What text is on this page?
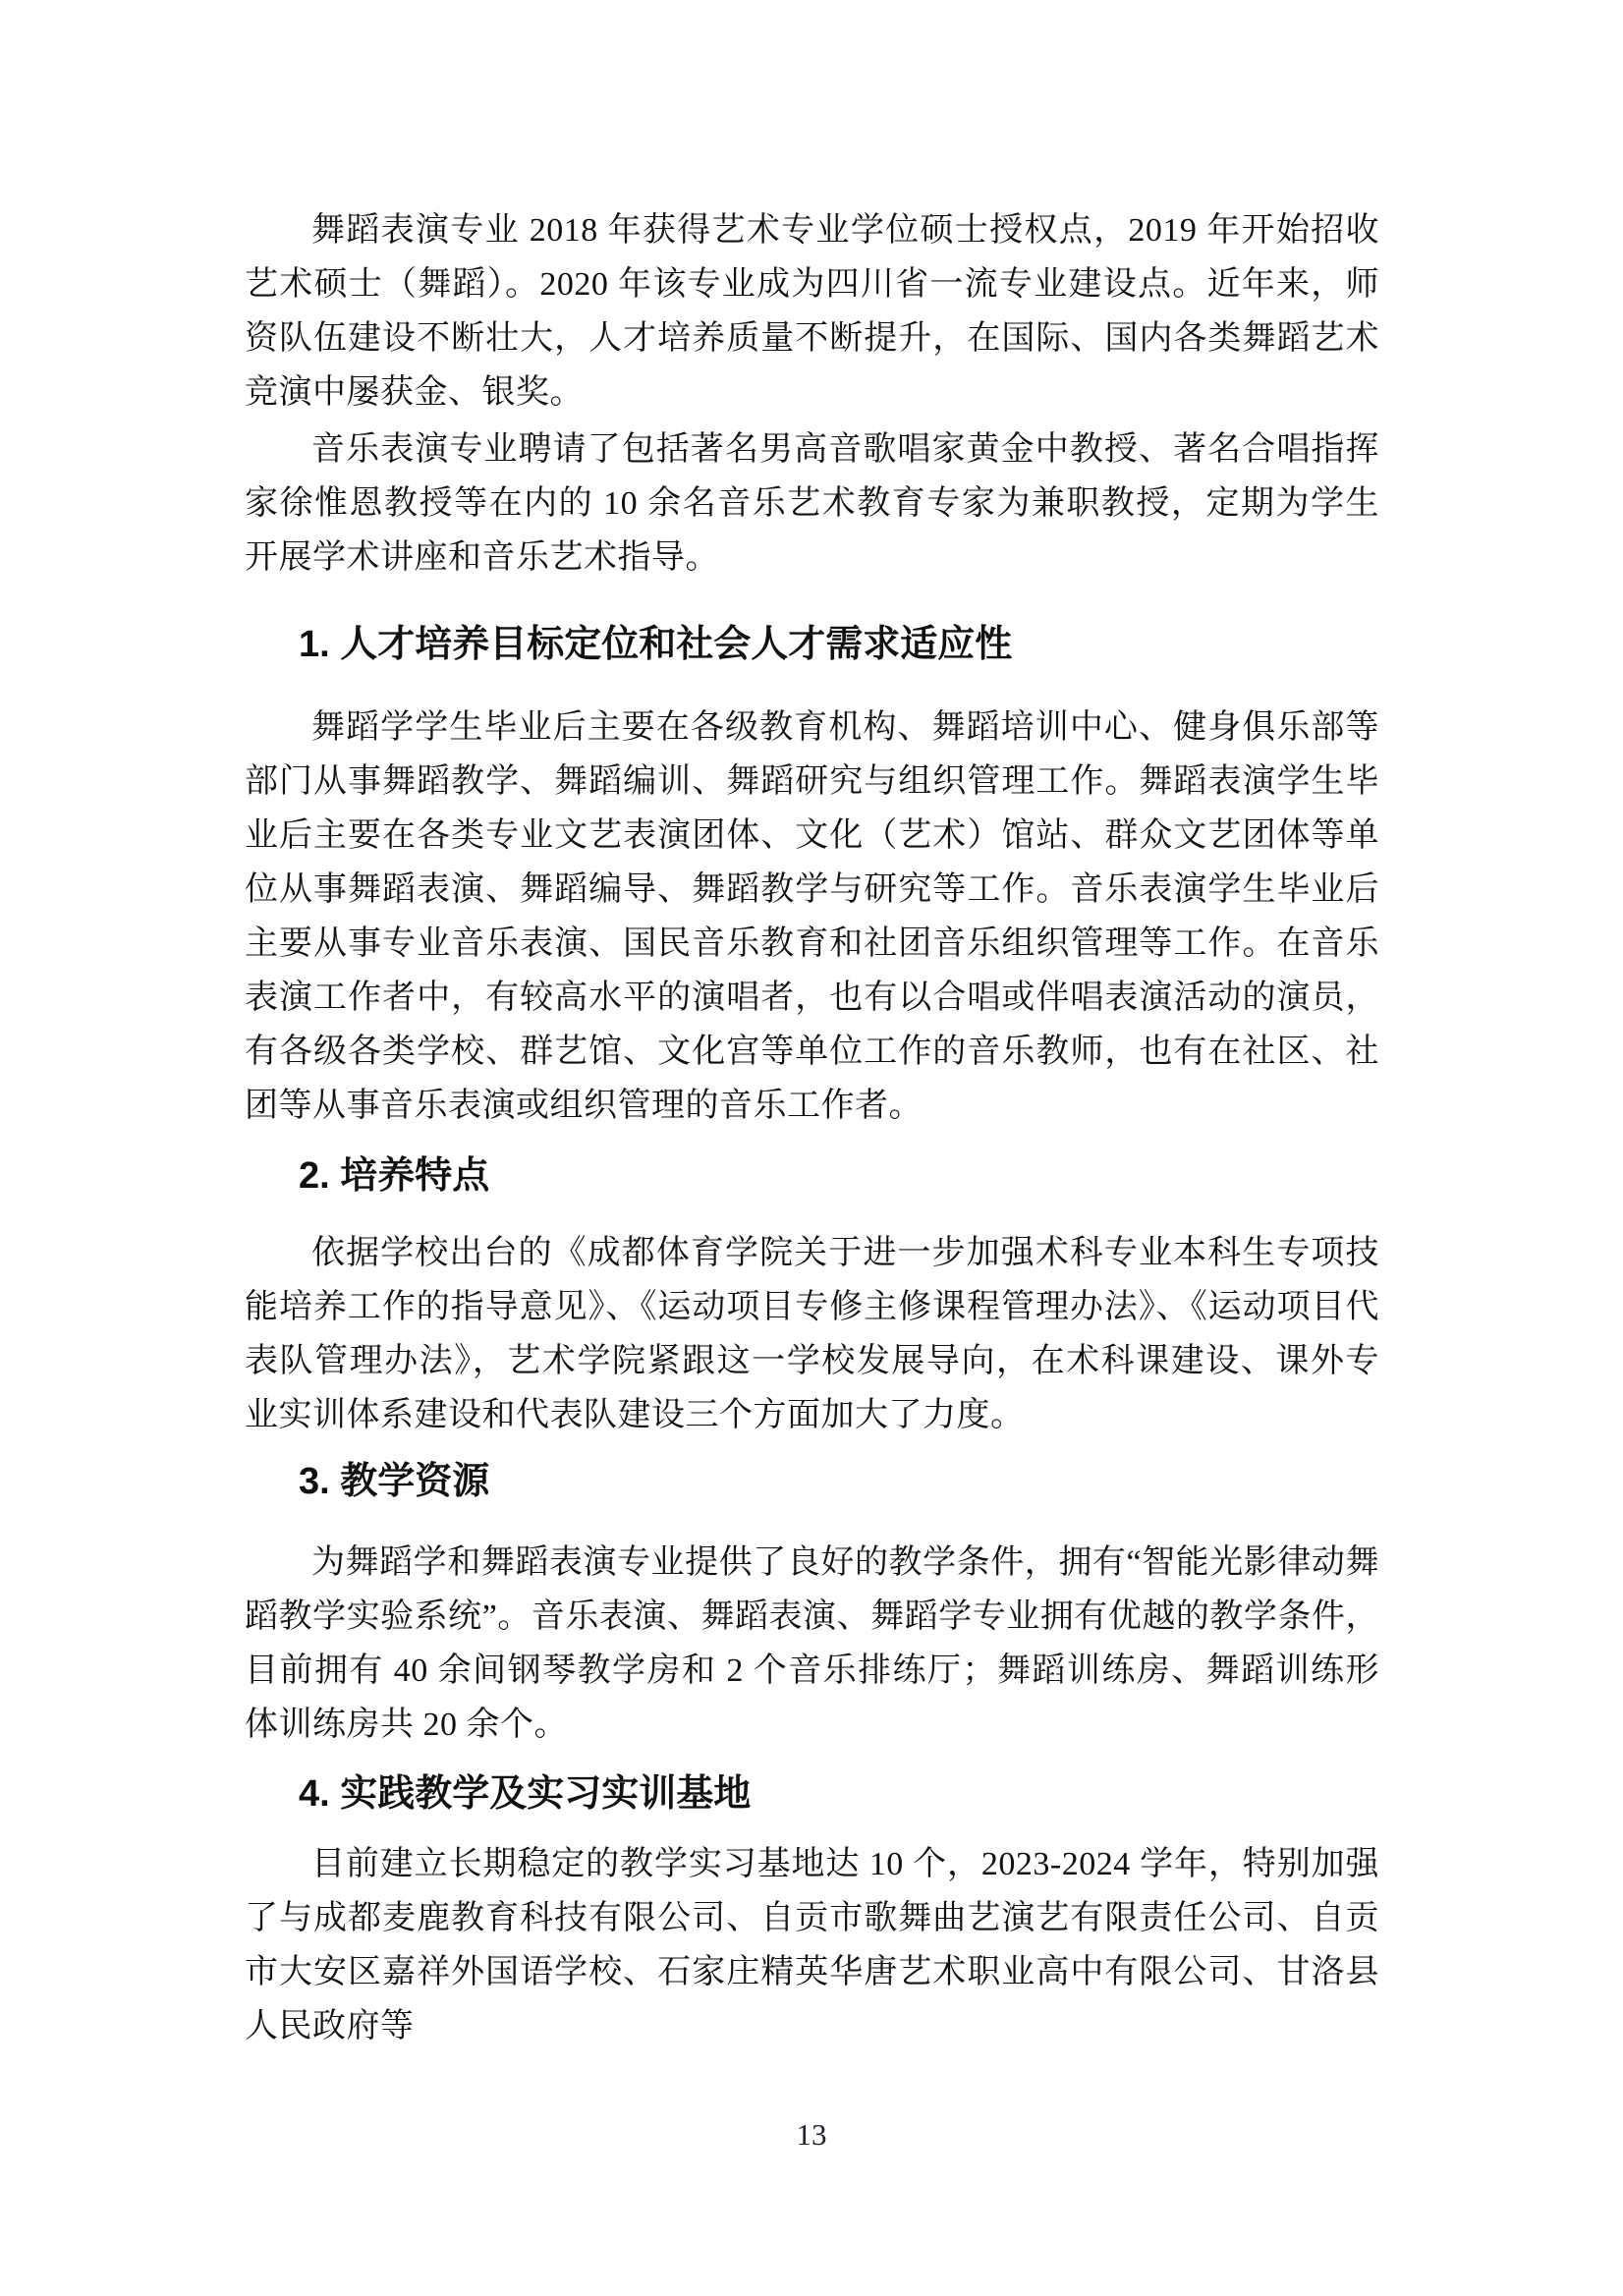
舞蹈表演专业 2018 年获得艺术专业学位硕士授权点，2019 年开始招收艺术硕士（舞蹈）。2020 年该专业成为四川省一流专业建设点。近年来，师资队伍建设不断壮大，人才培养质量不断提升，在国际、国内各类舞蹈艺术竞演中屡获金、银奖。

音乐表演专业聘请了包括著名男高音歌唱家黄金中教授、著名合唱指挥家徐惟恩教授等在内的 10 余名音乐艺术教育专家为兼职教授，定期为学生开展学术讲座和音乐艺术指导。

1. 人才培养目标定位和社会人才需求适应性

舞蹈学学生毕业后主要在各级教育机构、舞蹈培训中心、健身俱乐部等部门从事舞蹈教学、舞蹈编训、舞蹈研究与组织管理工作。舞蹈表演学生毕业后主要在各类专业文艺表演团体、文化（艺术）馆站、群众文艺团体等单位从事舞蹈表演、舞蹈编导、舞蹈教学与研究等工作。音乐表演学生毕业后主要从事专业音乐表演、国民音乐教育和社团音乐组织管理等工作。在音乐表演工作者中，有较高水平的演唱者，也有以合唱或伴唱表演活动的演员，有各级各类学校、群艺馆、文化宫等单位工作的音乐教师，也有在社区、社团等从事音乐表演或组织管理的音乐工作者。

2. 培养特点

依据学校出台的《成都体育学院关于进一步加强术科专业本科生专项技能培养工作的指导意见》、《运动项目专修主修课程管理办法》、《运动项目代表队管理办法》，艺术学院紧跟这一学校发展导向，在术科课建设、课外专业实训体系建设和代表队建设三个方面加大了力度。

3. 教学资源

为舞蹈学和舞蹈表演专业提供了良好的教学条件，拥有“智能光影律动舞蹈教学实验系统”。音乐表演、舞蹈表演、舞蹈学专业拥有优越的教学条件，目前拥有 40 余间钢琴教学房和 2 个音乐排练厅；舞蹈训练房、舞蹈训练形体训练房共 20 余个。

4. 实践教学及实习实训基地

目前建立长期稳定的教学实习基地达 10 个，2023-2024 学年，特别加强了与成都麦鹿教育科技有限公司、自贡市歌舞曲艺演艺有限责任公司、自贡市大安区嘉祥外国语学校、石家庄精英华唐艺术职业高中有限公司、甘洛县人民政府等

13
